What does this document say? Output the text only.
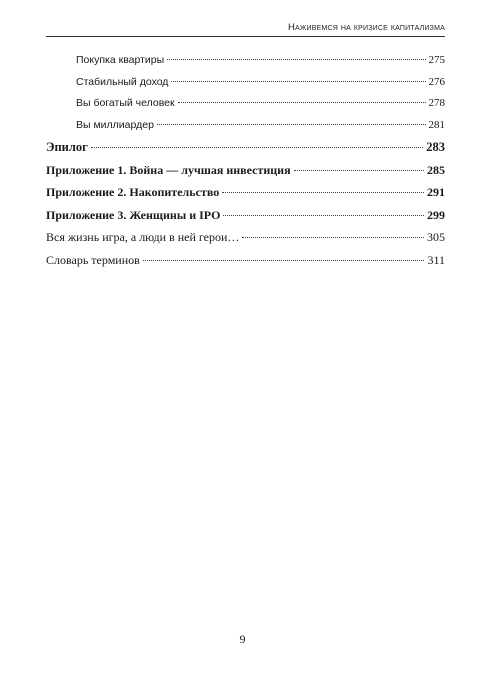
Наживемся на кризисе капитализма
Покупка квартиры	275
Стабильный доход	276
Вы богатый человек	278
Вы миллиардер	281
Эпилог	283
Приложение 1. Война — лучшая инвестиция	285
Приложение 2. Накопительство	291
Приложение 3. Женщины и IPO	299
Вся жизнь игра, а люди в ней герои…	305
Словарь терминов	311
9
